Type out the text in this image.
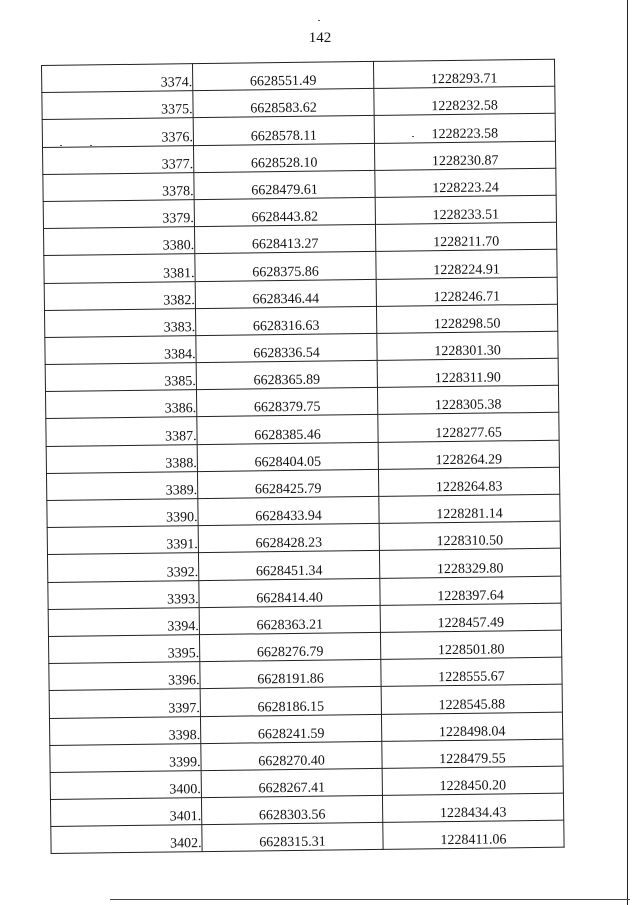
142
3374.	6628551.49	1228293.71
3375.	6628583.62	1228232.58
3376.	6628578.11	1228223.58
3377.	6628528.10	1228230.87
3378.	6628479.61	1228223.24
3379.	6628443.82	1228233.51
3380.	6628413.27	1228211.70
3381.	6628375.86	1228224.91
3382.	6628346.44	1228246.71
3383.	6628316.63	1228298.50
3384.	6628336.54	1228301.30
3385.	6628365.89	1228311.90
3386.	6628379.75	1228305.38
3387.	6628385.46	1228277.65
3388.	6628404.05	1228264.29
3389.	6628425.79	1228264.83
3390.	6628433.94	1228281.14
3391.	6628428.23	1228310.50
3392.	6628451.34	1228329.80
3393.	6628414.40	1228397.64
3394.	6628363.21	1228457.49
3395.	6628276.79	1228501.80
3396.	6628191.86	1228555.67
3397.	6628186.15	1228545.88
3398.	6628241.59	1228498.04
3399.	6628270.40	1228479.55
3400.	6628267.41	1228450.20
3401.	6628303.56	1228434.43
3402.	6628315.31	1228411.06
